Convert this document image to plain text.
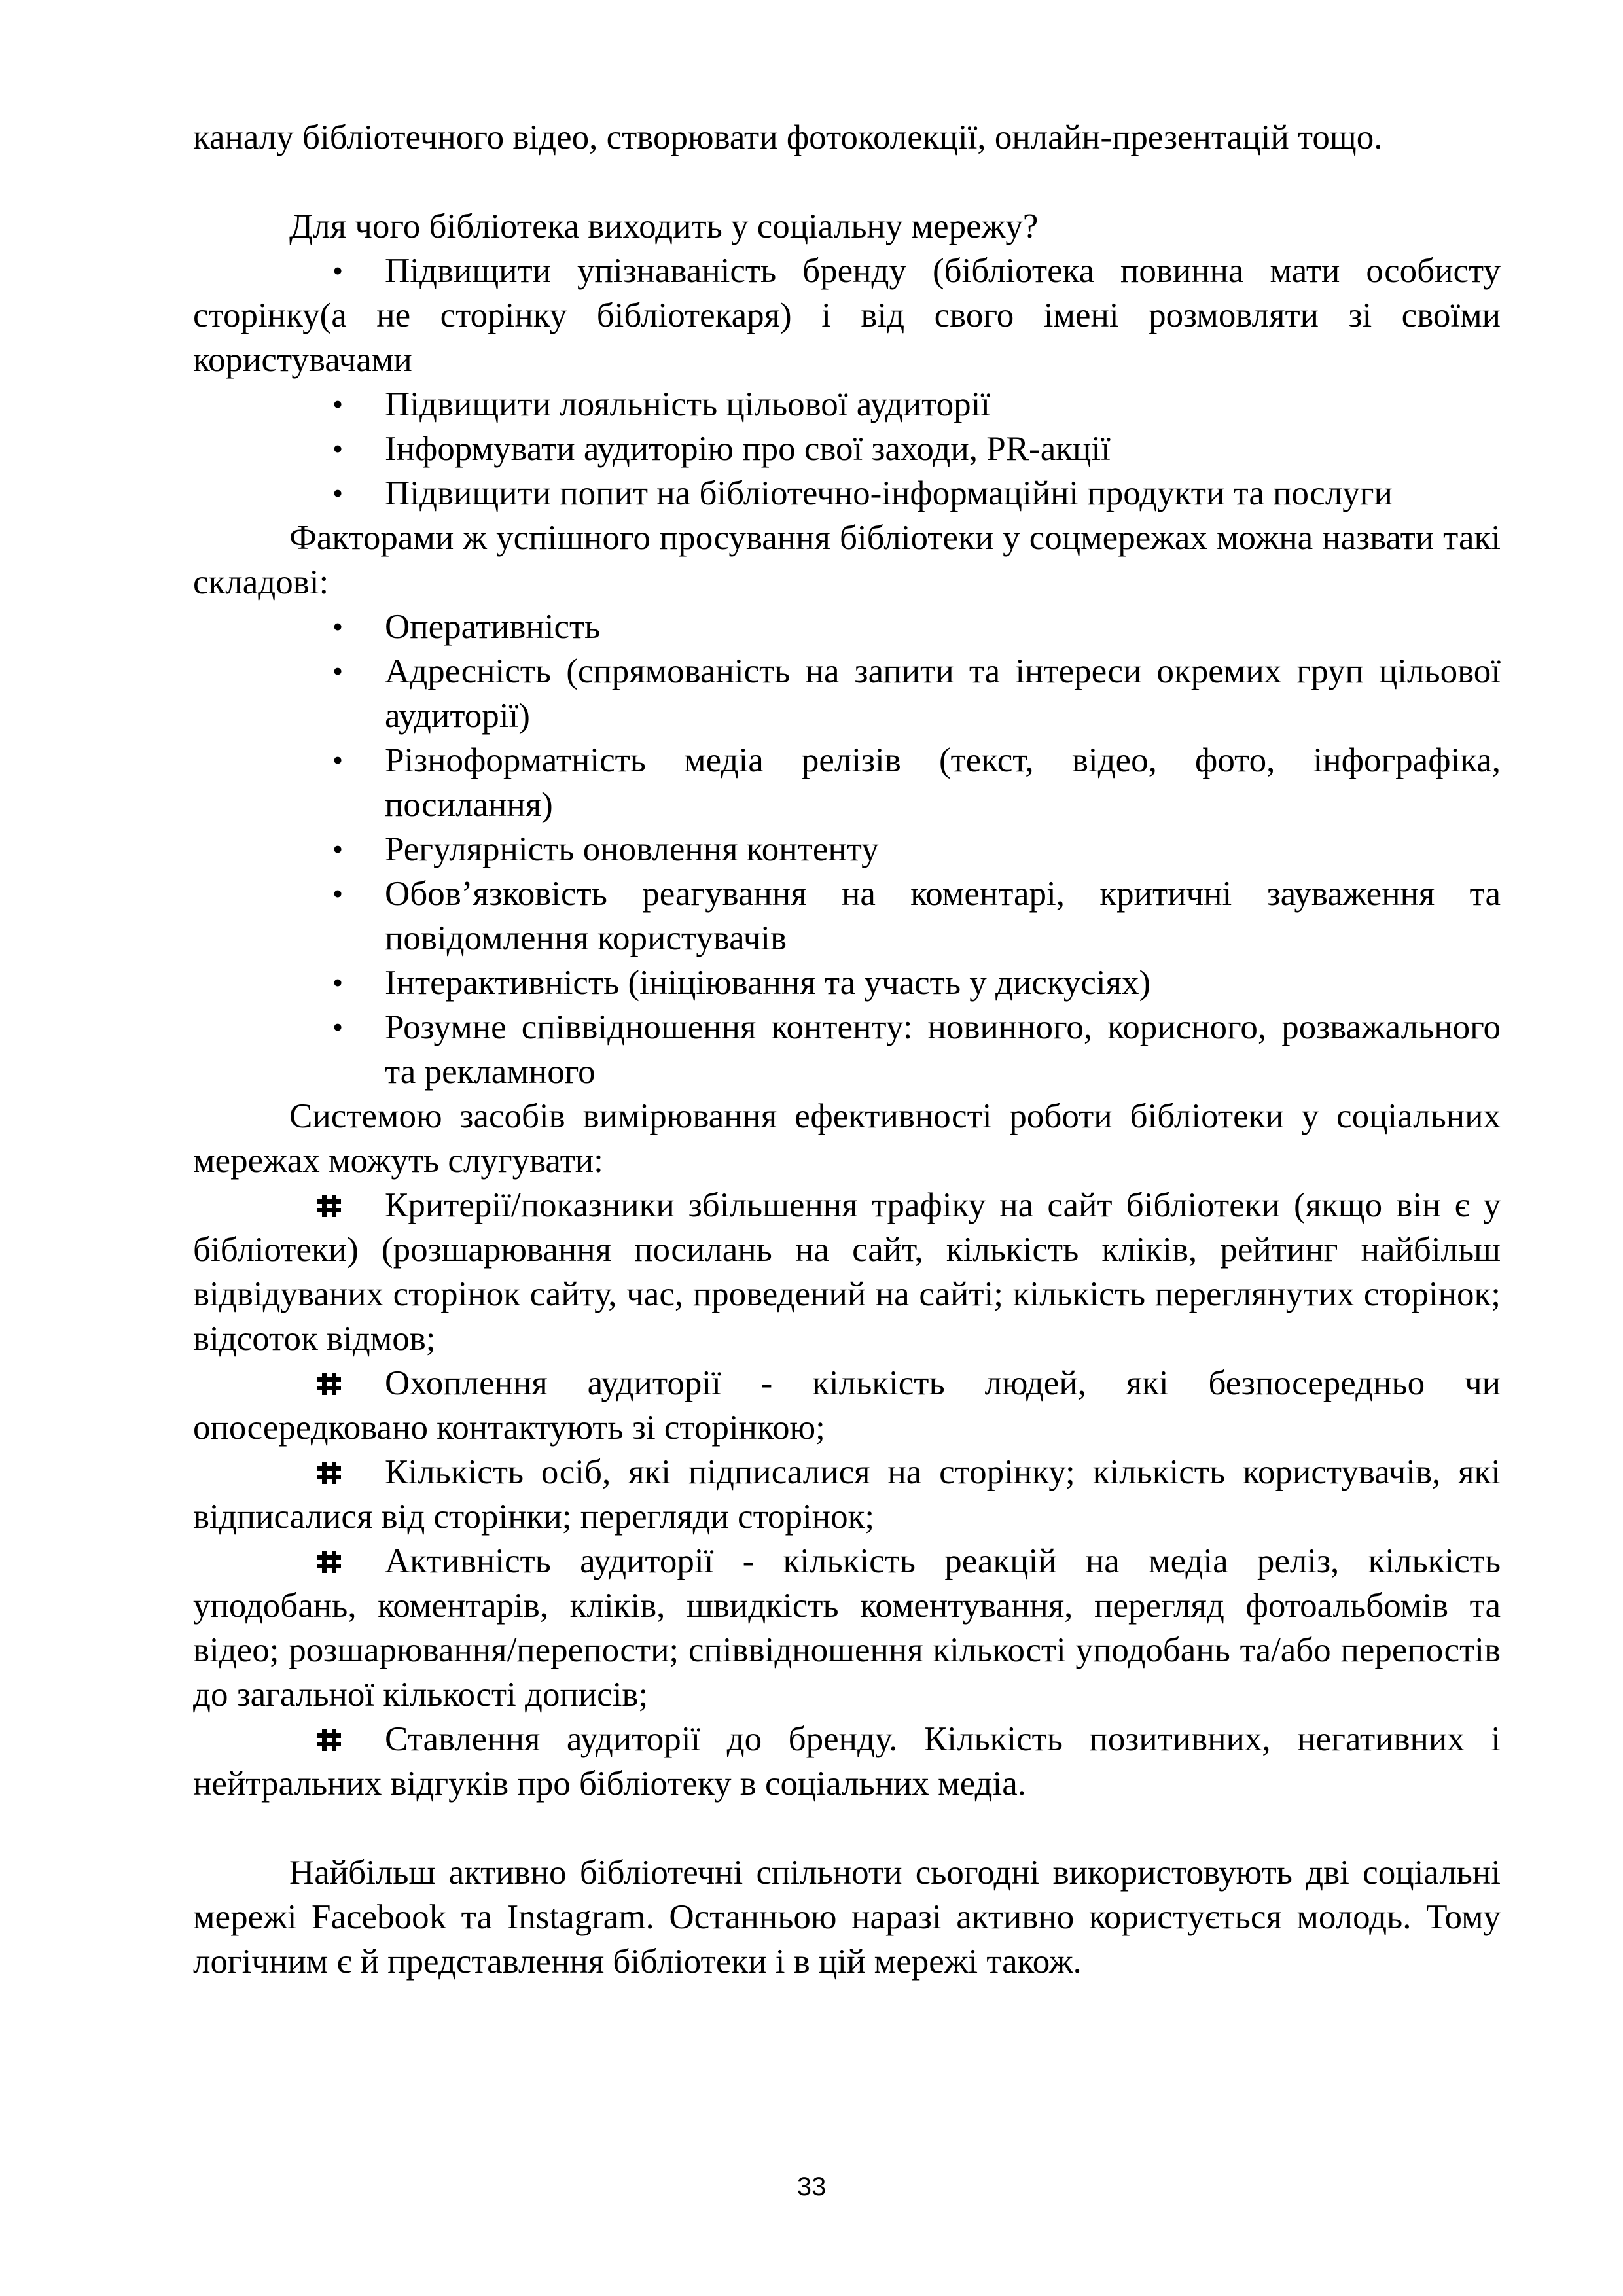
каналу бібліотечного відео, створювати фотоколекції, онлайн-презентацій тощо.

Для чого бібліотека виходить у соціальну мережу?

• Підвищити упізнаваність бренду (бібліотека повинна мати особисту сторінку(а не сторінку бібліотекаря) і від свого імені розмовляти зі своїми користувачами

• Підвищити лояльність цільової аудиторії
• Інформувати аудиторію про свої заходи, PR-акції
• Підвищити попит на бібліотечно-інформаційні продукти та послуги

Факторами ж успішного просування бібліотеки у соцмережах можна назвати такі складові:

• Оперативність
• Адресність (спрямованість на запити та інтереси окремих груп цільової аудиторії)
• Різноформатність медіа релізів (текст, відео, фото, інфографіка, посилання)
• Регулярність оновлення контенту
• Обов’язковість реагування на коментарі, критичні зауваження та повідомлення користувачів
• Інтерактивність (ініціювання та участь у дискусіях)
• Розумне співвідношення контенту: новинного, корисного, розважального та рекламного

Системою засобів вимірювання ефективності роботи бібліотеки у соціальних мережах можуть слугувати:

Критерії/показники збільшення трафіку на сайт бібліотеки (якщо він є у бібліотеки) (розшарювання посилань на сайт, кількість кліків, рейтинг найбільш відвідуваних сторінок сайту, час, проведений на сайті; кількість переглянутих сторінок; відсоток відмов;

Охоплення аудиторії - кількість людей, які безпосередньо чи опосередковано контактують зі сторінкою;

Кількість осіб, які підписалися на сторінку; кількість користувачів, які відписалися від сторінки; перегляди сторінок;

Активність аудиторії - кількість реакцій на медіа реліз, кількість уподобань, коментарів, кліків, швидкість коментування, перегляд фотоальбомів та відео; розшарювання/перепости; співвідношення кількості уподобань та/або перепостів до загальної кількості дописів;

Ставлення аудиторії до бренду. Кількість позитивних, негативних і нейтральних відгуків про бібліотеку в соціальних медіа.

Найбільш активно бібліотечні спільноти сьогодні використовують дві соціальні мережі Facebook та Instagram. Останньою наразі активно користується молодь. Тому логічним є й представлення бібліотеки і в цій мережі також.

33
